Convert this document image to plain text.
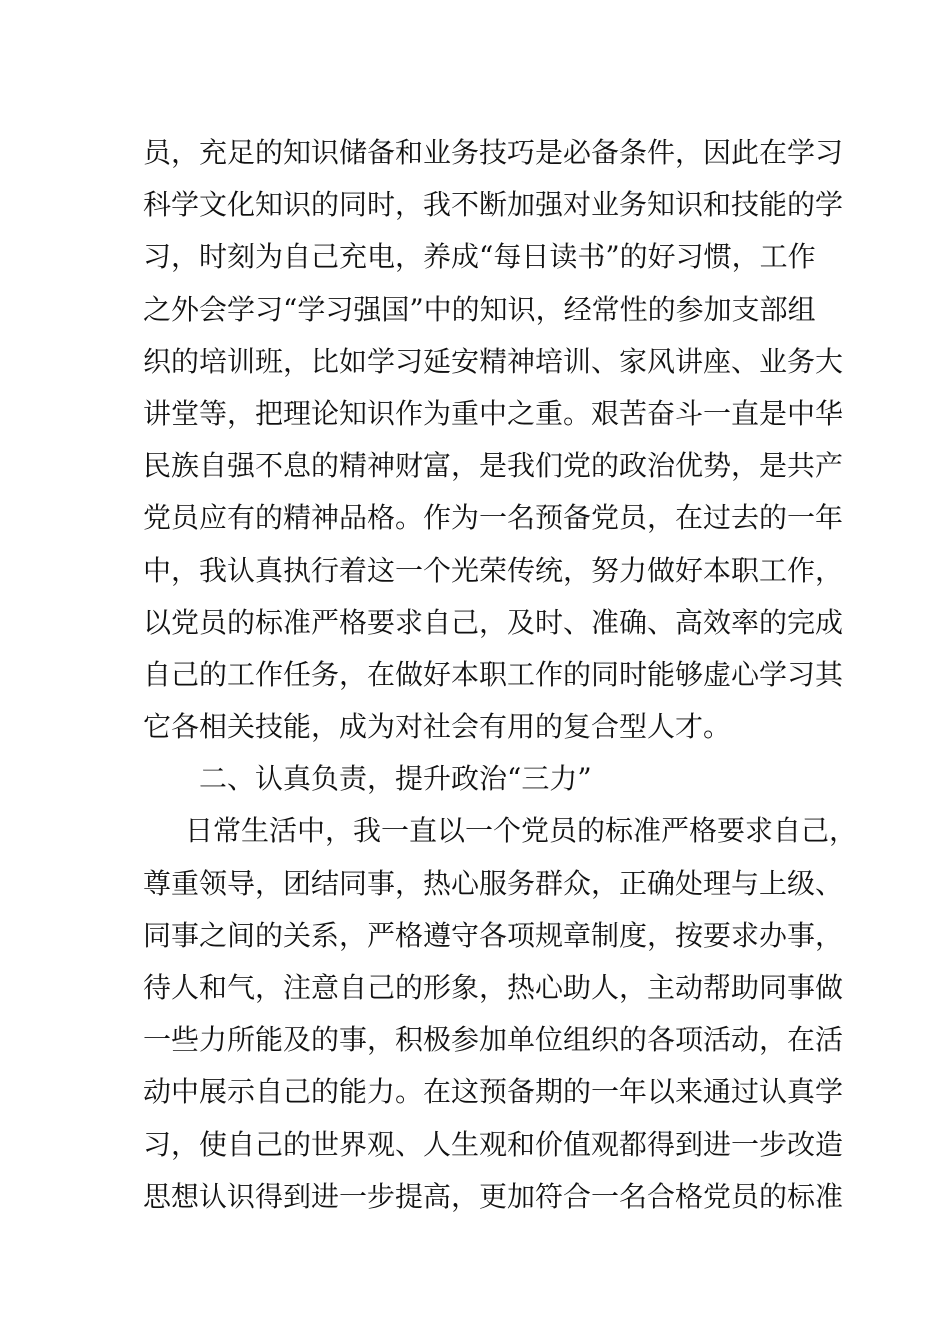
员，充足的知识储备和业务技巧是必备条件，因此在学习
科学文化知识的同时，我不断加强对业务知识和技能的学
习，时刻为自己充电，养成“每日读书”的好习惯，工作
之外会学习“学习强国”中的知识，经常性的参加支部组
织的培训班，比如学习延安精神培训、家风讲座、业务大
讲堂等，把理论知识作为重中之重。艰苦奋斗一直是中华
民族自强不息的精神财富，是我们党的政治优势，是共产
党员应有的精神品格。作为一名预备党员，在过去的一年
中，我认真执行着这一个光荣传统，努力做好本职工作，
以党员的标准严格要求自己，及时、准确、高效率的完成
自己的工作任务，在做好本职工作的同时能够虚心学习其
它各相关技能，成为对社会有用的复合型人才。
二、认真负责，提升政治“三力”
日常生活中，我一直以一个党员的标准严格要求自己，
尊重领导，团结同事，热心服务群众，正确处理与上级、
同事之间的关系，严格遵守各项规章制度，按要求办事，
待人和气，注意自己的形象，热心助人，主动帮助同事做
一些力所能及的事，积极参加单位组织的各项活动，在活
动中展示自己的能力。在这预备期的一年以来通过认真学
习，使自己的世界观、人生观和价值观都得到进一步改造
思想认识得到进一步提高，更加符合一名合格党员的标准
